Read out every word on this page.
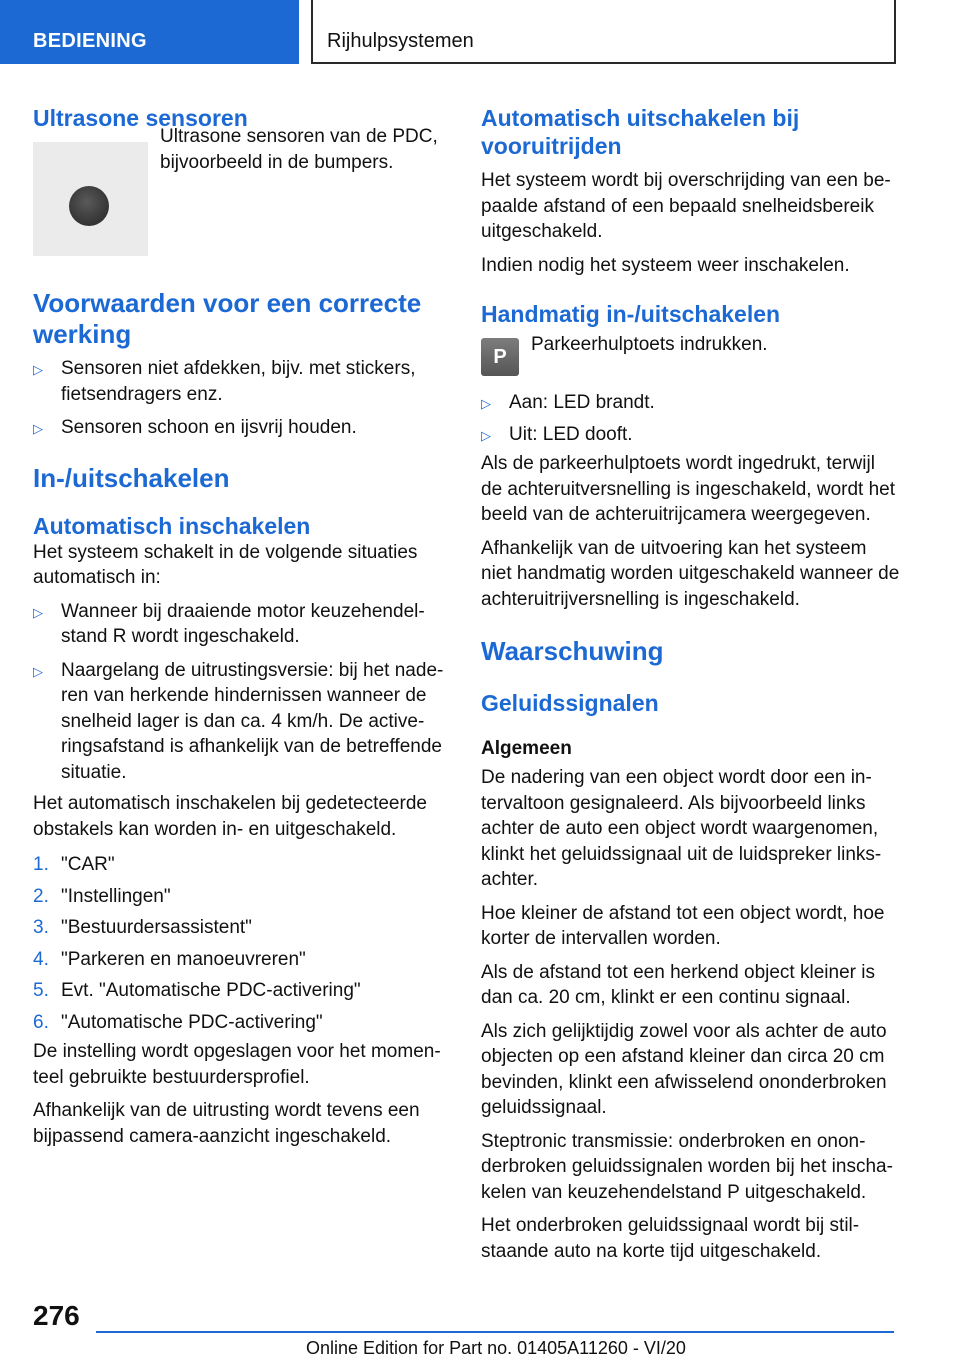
BEDIENING	Rijhulpsystemen
Ultrasone sensoren

Ultrasone sensoren van de PDC, bijvoorbeeld in de bumpers.

Voorwaarden voor een correcte werking
▷ Sensoren niet afdekken, bijv. met stickers, fietsendragers enz.
▷ Sensoren schoon en ijsvrij houden.
In-/uitschakelen
Automatisch inschakelen

Het systeem schakelt in de volgende situaties automatisch in:

▷ Wanneer bij draaiende motor keuzehendel- stand R wordt ingeschakeld.
▷ Naargelang de uitrustingsversie: bij het nade- ren van herkende hindernissen wanneer de snelheid lager is dan ca. 4 km/h. De active- ringsafstand is afhankelijk van de betreffende situatie.

Het automatisch inschakelen bij gedetecteerde obstakels kan worden in- en uitgeschakeld.

1. "CAR"
2. "Instellingen"
3. "Bestuurdersassistent"
4. "Parkeren en manoeuvreren"
5. Evt. "Automatische PDC-activering"
6. "Automatische PDC-activering"

De instelling wordt opgeslagen voor het momen- teel gebruikte bestuurdersprofiel.

Afhankelijk van de uitrusting wordt tevens een bijpassend camera-aanzicht ingeschakeld.

Automatisch uitschakelen bij vooruitrijden

Het systeem wordt bij overschrijding van een be- paalde afstand of een bepaald snelheidsbereik uitgeschakeld.

Indien nodig het systeem weer inschakelen.

Handmatig in-/uitschakelen
P

Parkeerhulptoets indrukken.

▷ Aan: LED brandt.
▷ Uit: LED dooft.

Als de parkeerhulptoets wordt ingedrukt, terwijl de achteruitversnelling is ingeschakeld, wordt het beeld van de achteruitrijcamera weergegeven.

Afhankelijk van de uitvoering kan het systeem niet handmatig worden uitgeschakeld wanneer de achteruitrijversnelling is ingeschakeld.

Waarschuwing
Geluidssignalen
Algemeen

De nadering van een object wordt door een in- tervaltoon gesignaleerd. Als bijvoorbeeld links achter de auto een object wordt waargenomen, klinkt het geluidssignaal uit de luidspreker links- achter.

Hoe kleiner de afstand tot een object wordt, hoe korter de intervallen worden.

Als de afstand tot een herkend object kleiner is dan ca. 20 cm, klinkt er een continu signaal.

Als zich gelijktijdig zowel voor als achter de auto objecten op een afstand kleiner dan circa 20 cm bevinden, klinkt een afwisselend ononderbroken geluidssignaal.

Steptronic transmissie: onderbroken en onon- derbroken geluidssignalen worden bij het inscha- kelen van keuzehendelstand P uitgeschakeld.

Het onderbroken geluidssignaal wordt bij stil- staande auto na korte tijd uitgeschakeld.

276
Online Edition for Part no. 01405A11260 - VI/20
